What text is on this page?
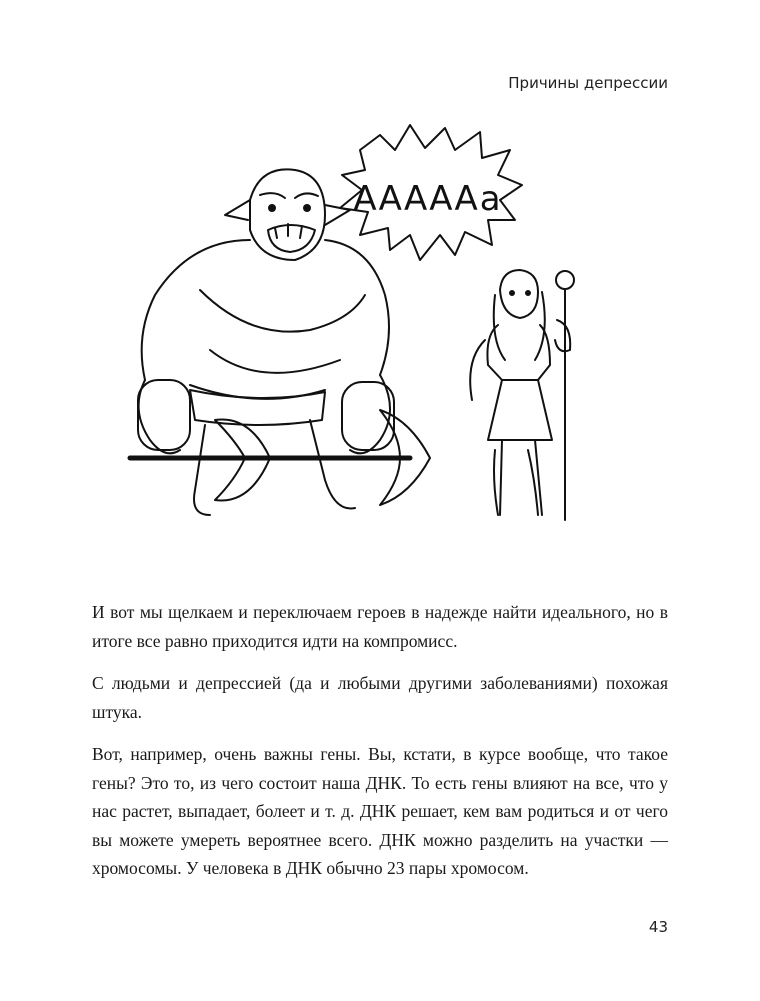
Причины депрессии
АААААа

И вот мы щелкаем и переключаем героев в надежде найти идеального, но в итоге все равно приходится идти на компромисс.

С людьми и депрессией (да и любыми другими заболеваниями) похожая штука.

Вот, например, очень важны гены. Вы, кстати, в курсе вообще, что такое гены? Это то, из чего состоит наша ДНК. То есть гены влияют на все, что у нас растет, выпадает, болеет и т. д. ДНК решает, кем вам родиться и от чего вы можете умереть вероятнее всего. ДНК можно разделить на участки — хромосомы. У человека в ДНК обычно 23 пары хромосом.

43
